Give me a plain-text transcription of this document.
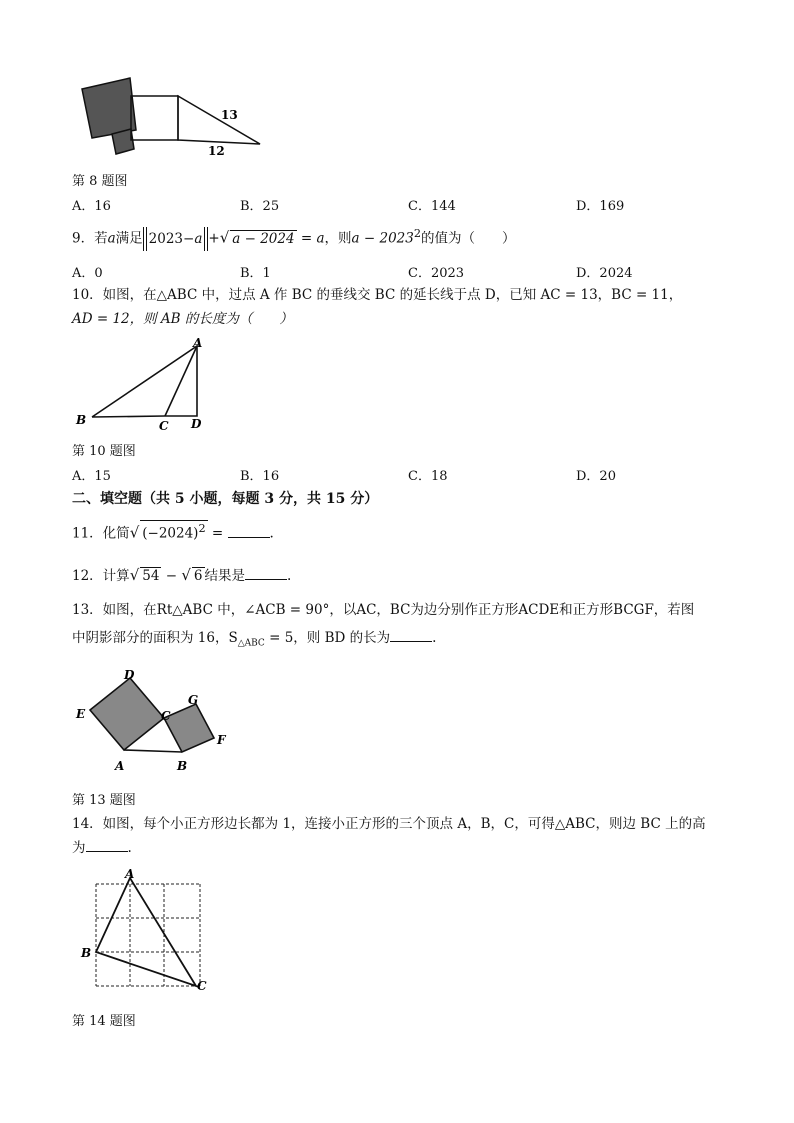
13
12
第 8 题图
A．16	B．25	C．144	D．169
9．若a满足 2023−a +√ a − 2024 = a，则$a - 2023^2$的值为（　　）
A．0	B．1	C．2023	D．2024
10．如图，在△ABC 中，过点 A 作 BC 的垂线交 BC 的延长线于点 D，已知 AC = 13，BC = 11，
AD = 12，则 AB 的长度为（　　）
A
B	C D
第 10 题图
A．15	B．16	C．18	D．20
二、填空题（共 5 小题，每题 3 分，共 15 分）
11．化简√ $(-2024)^2$ =	.
12．计算√ 54 − √ 6 结果是	.
13．如图，在Rt△ABC 中，∠ACB = 90°，以AC，BC为边分别作正方形ACDE和正方形BCGF，若图
中阴影部分的面积为 16，$S_{\triangle ABC} = 5$，则 BD 的长为	.
D
E	C
G
F
A	B
第 13 题图
14．如图，每个小正方形边长都为 1，连接小正方形的三个顶点 A，B，C，可得△ABC，则边 BC 上的高
为	.
A
B
C
第 14 题图
